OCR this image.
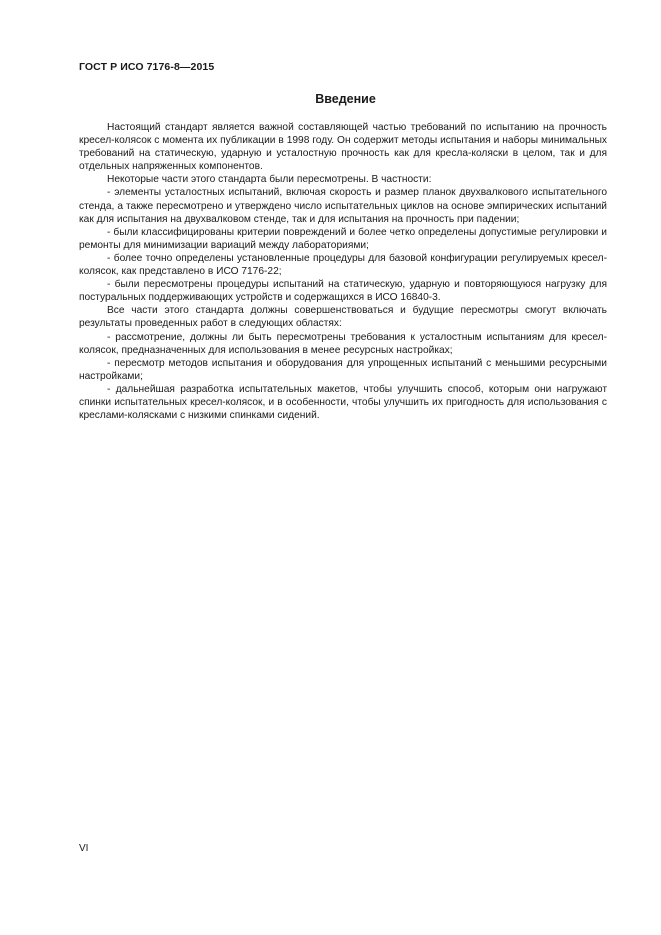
ГОСТ Р ИСО 7176-8—2015
Введение

Настоящий стандарт является важной составляющей частью требований по испытанию на прочность кресел-колясок с момента их публикации в 1998 году. Он содержит методы испытания и наборы минимальных требований на статическую, ударную и усталостную прочность как для кресла-коляски в целом, так и для отдельных напряженных компонентов.

Некоторые части этого стандарта были пересмотрены. В частности:

- элементы усталостных испытаний, включая скорость и размер планок двухвалкового испытательного стенда, а также пересмотрено и утверждено число испытательных циклов на основе эмпирических испытаний как для испытания на двухвалковом стенде, так и для испытания на прочность при падении;

- были классифицированы критерии повреждений и более четко определены допустимые регулировки и ремонты для минимизации вариаций между лабораториями;

- более точно определены установленные процедуры для базовой конфигурации регулируемых кресел-колясок, как представлено в ИСО 7176-22;

- были пересмотрены процедуры испытаний на статическую, ударную и повторяющуюся нагрузку для постуральных поддерживающих устройств и содержащихся в ИСО 16840-3.

Все части этого стандарта должны совершенствоваться и будущие пересмотры смогут включать результаты проведенных работ в следующих областях:

- рассмотрение, должны ли быть пересмотрены требования к усталостным испытаниям для кресел-колясок, предназначенных для использования в менее ресурсных настройках;

- пересмотр методов испытания и оборудования для упрощенных испытаний с меньшими ресурсными настройками;

- дальнейшая разработка испытательных макетов, чтобы улучшить способ, которым они нагружают спинки испытательных кресел-колясок, и в особенности, чтобы улучшить их пригодность для использования с креслами-колясками с низкими спинками сидений.

VI
